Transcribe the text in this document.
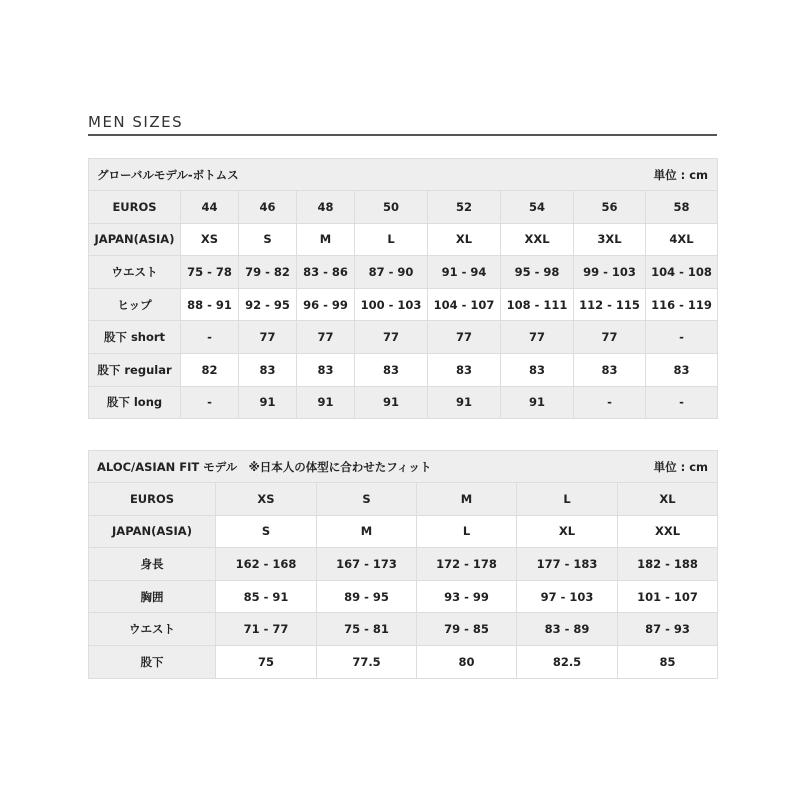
MEN SIZES
グローバルモデル-ボトムス 単位 : cm								

EUROS	44	46	48	50	52	54	56	58
JAPAN(ASIA)	XS	S	M	L	XL	XXL	3XL	4XL
ウエスト	75 - 78	79 - 82	83 - 86	87 - 90	91 - 94	95 - 98	99 - 103	104 - 108
ヒップ	88 - 91	92 - 95	96 - 99	100 - 103	104 - 107	108 - 111	112 - 115	116 - 119
股下 short	-	77	77	77	77	77	77	-
股下 regular	82	83	83	83	83	83	83	83
股下 long	-	91	91	91	91	91	-	-
ALOC/ASIAN FIT モデル　※日本人の体型に合わせたフィット 単位 : cm					

EUROS	XS	S	M	L	XL
JAPAN(ASIA)	S	M	L	XL	XXL
身長	162 - 168	167 - 173	172 - 178	177 - 183	182 - 188
胸囲	85 - 91	89 - 95	93 - 99	97 - 103	101 - 107
ウエスト	71 - 77	75 - 81	79 - 85	83 - 89	87 - 93
股下	75	77.5	80	82.5	85
